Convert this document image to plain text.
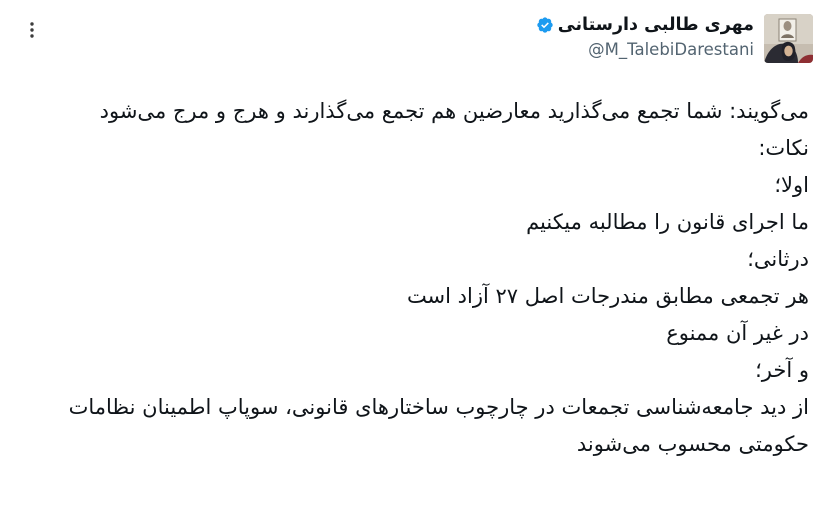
مهری طالبی دارستانی
@M_TalebiDarestani

می‌گویند: شما تجمع می‌گذارید معارضین هم تجمع می‌گذارند و هرج و مرج می‌شود

نکات:

اولا؛

ما اجرای قانون را مطالبه میکنیم

درثانی؛

هر تجمعی مطابق مندرجات اصل ۲۷ آزاد است

در غیر آن ممنوع

و آخر؛

از دید جامعه‌شناسی تجمعات در چارچوب ساختارهای قانونی، سوپاپ اطمینان نظامات حکومتی محسوب می‌شوند
